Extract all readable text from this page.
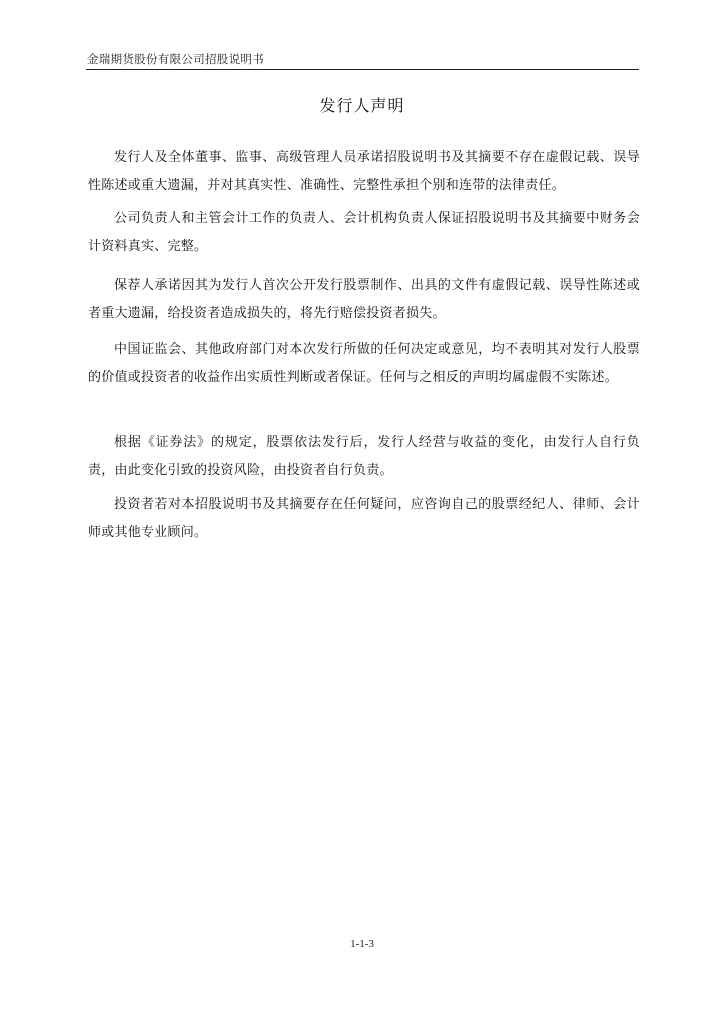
金瑞期货股份有限公司招股说明书
发行人声明

发行人及全体董事、监事、高级管理人员承诺招股说明书及其摘要不存在虚假记载、误导性陈述或重大遗漏，并对其真实性、准确性、完整性承担个别和连带的法律责任。

公司负责人和主管会计工作的负责人、会计机构负责人保证招股说明书及其摘要中财务会计资料真实、完整。

保荐人承诺因其为发行人首次公开发行股票制作、出具的文件有虚假记载、误导性陈述或者重大遗漏，给投资者造成损失的，将先行赔偿投资者损失。

中国证监会、其他政府部门对本次发行所做的任何决定或意见，均不表明其对发行人股票的价值或投资者的收益作出实质性判断或者保证。任何与之相反的声明均属虚假不实陈述。

根据《证券法》的规定，股票依法发行后，发行人经营与收益的变化，由发行人自行负责，由此变化引致的投资风险，由投资者自行负责。

投资者若对本招股说明书及其摘要存在任何疑问，应咨询自己的股票经纪人、律师、会计师或其他专业顾问。

1-1-3
